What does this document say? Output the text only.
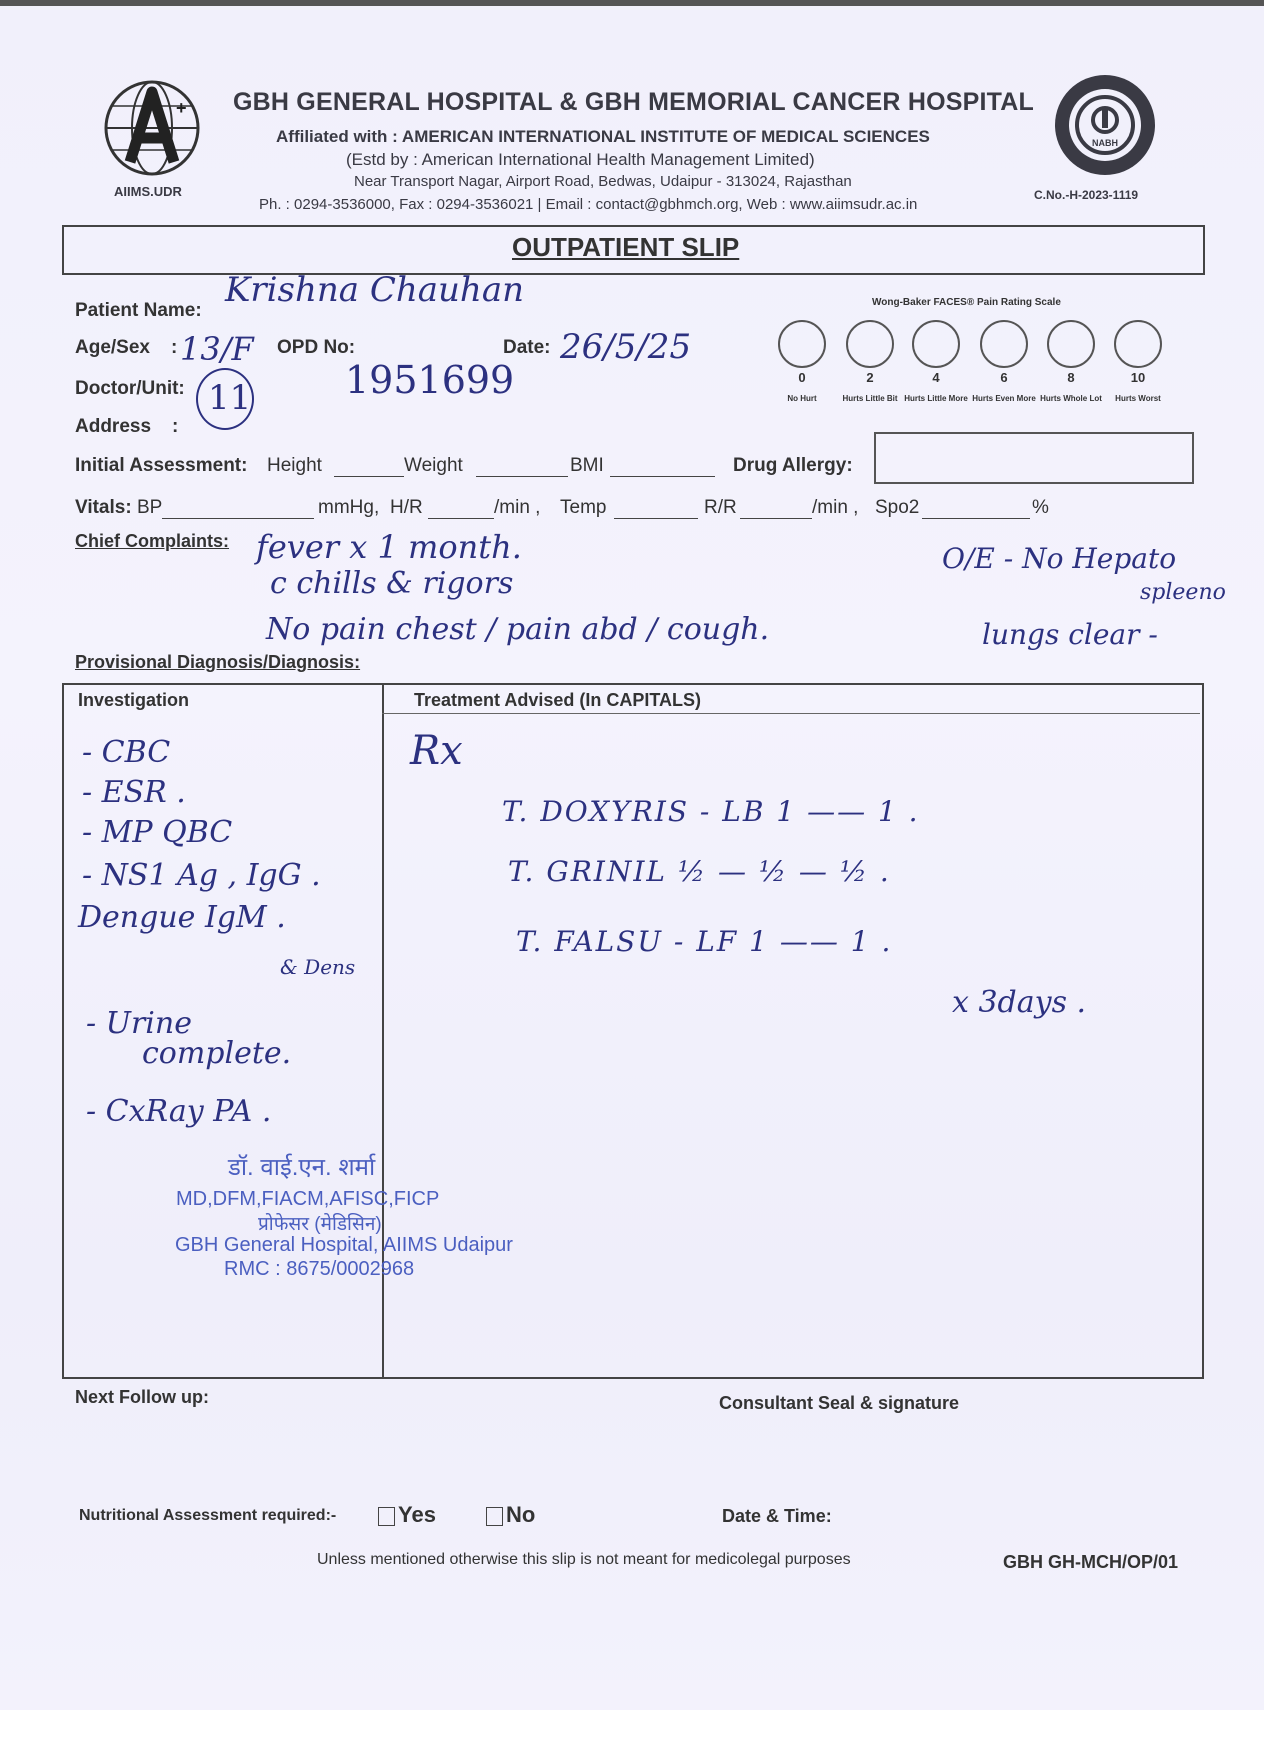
+
AIIMS.UDR
GBH GENERAL HOSPITAL & GBH MEMORIAL CANCER HOSPITAL
Affiliated with : AMERICAN INTERNATIONAL INSTITUTE OF MEDICAL SCIENCES
(Estd by : American International Health Management Limited)
Near Transport Nagar, Airport Road, Bedwas, Udaipur - 313024, Rajasthan
Ph. : 0294-3536000, Fax : 0294-3536021 | Email : contact@gbhmch.org, Web : www.aiimsudr.ac.in
NABH
C.No.-H-2023-1119
OUTPATIENT SLIP
Patient Name:
Krishna Chauhan
Age/Sex : 13/F OPD No:
1951699
Date: 26/5/25
Doctor/Unit: 11
Address :
Wong-Baker FACES® Pain Rating Scale
0
No Hurt
2
Hurts Little Bit
4
Hurts Little More
6
Hurts Even More
8
Hurts Whole Lot
10
Hurts Worst
Initial Assessment: Height	Weight	BMI	Drug Allergy:
Vitals: BP	mmHg, H/R	/min , Temp	R/R	/min , Spo2	%
Chief Complaints: fever x 1 month.
c chills & rigors
No pain chest / pain abd / cough.
O/E - No Hepato
spleeno
lungs clear -
Provisional Diagnosis/Diagnosis:
Investigation	Treatment Advised (In CAPITALS)
- CBC
- ESR .
- MP QBC
- NS1 Ag , IgG .
Dengue IgM .
& Dens
- Urine
complete.
- CxRay PA .
Rx
T. DOXYRIS - LB 1 —— 1 .
T. GRINIL ½ — ½ — ½ .
T. FALSU - LF 1 —— 1 .
x 3days .
डॉ. वाई.एन. शर्मा
MD,DFM,FIACM,AFISC,FICP
प्रोफेसर (मेडिसिन)
GBH General Hospital, AIIMS Udaipur
RMC : 8675/0002968
Next Follow up:	Consultant Seal & signature
Nutritional Assessment required:-	Yes	No	Date & Time:
Unless mentioned otherwise this slip is not meant for medicolegal purposes	GBH GH-MCH/OP/01
